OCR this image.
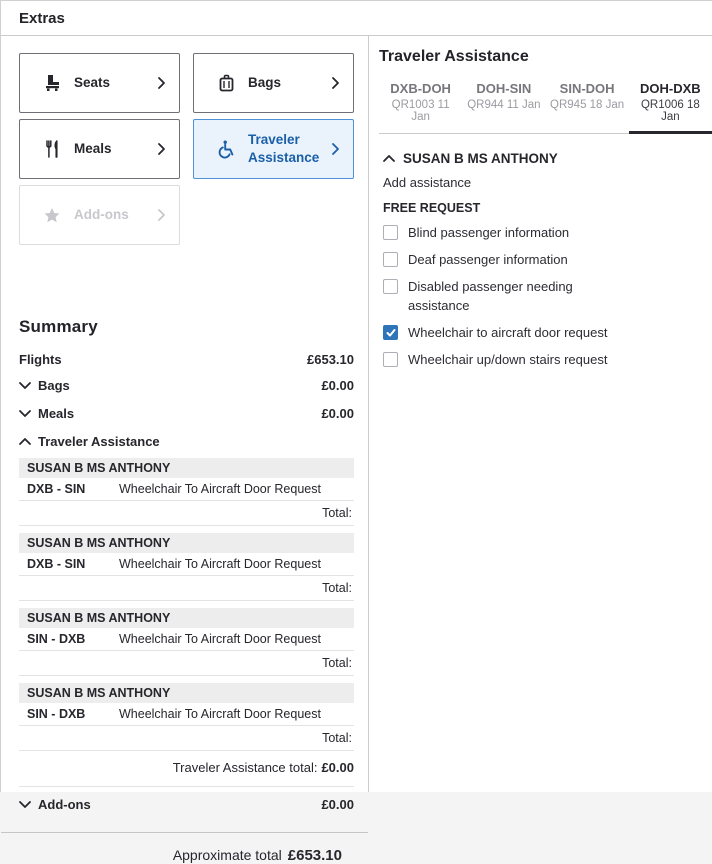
Extras
Seats	Bags
Meals
Traveler Assistance
Add-ons
Summary
Flights	£653.10
Bags	£0.00
Meals	£0.00
Traveler Assistance
SUSAN B MS ANTHONY
DXB - SIN	Wheelchair To Aircraft Door Request
Total:
SUSAN B MS ANTHONY
DXB - SIN	Wheelchair To Aircraft Door Request
Total:
SUSAN B MS ANTHONY
SIN - DXB	Wheelchair To Aircraft Door Request
Total:
SUSAN B MS ANTHONY
SIN - DXB	Wheelchair To Aircraft Door Request
Total:
Traveler Assistance total: £0.00
Add-ons	£0.00
Approximate total £653.10
Traveler Assistance
DXB-DOH
QR1003 11 Jan
DOH-SIN
QR944 11 Jan
SIN-DOH
QR945 18 Jan
DOH-DXB
QR1006 18 Jan
SUSAN B MS ANTHONY
Add assistance
FREE REQUEST
Blind passenger information
Deaf passenger information
Disabled passenger needing assistance
Wheelchair to aircraft door request
Wheelchair up/down stairs request
